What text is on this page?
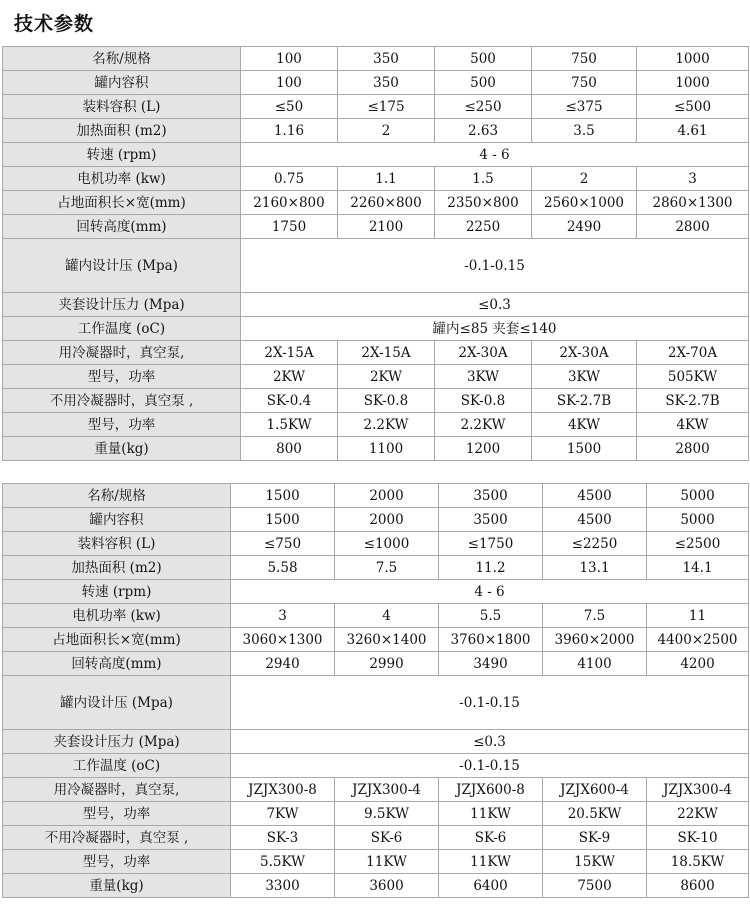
技术参数
名称/规格	100	350	500	750	1000
罐内容积	100	350	500	750	1000
装料容积 (L)	≤50	≤175	≤250	≤375	≤500
加热面积 (m2)	1.16	2	2.63	3.5	4.61
转速 (rpm)	4 - 6				
电机功率 (kw)	0.75	1.1	1.5	2	3
占地面积长×宽(mm)	2160×800	2260×800	2350×800	2560×1000	2860×1300
回转高度(mm)	1750	2100	2250	2490	2800
罐内设计压 (Mpa)	-0.1-0.15				
夹套设计压力 (Mpa)	≤0.3				
工作温度 (oC)	罐内≤85 夹套≤140				
用冷凝器时，真空泵,	2X-15A	2X-15A	2X-30A	2X-30A	2X-70A
型号，功率	2KW	2KW	3KW	3KW	505KW
不用冷凝器时，真空泵 ,	SK-0.4	SK-0.8	SK-0.8	SK-2.7B	SK-2.7B
型号，功率	1.5KW	2.2KW	2.2KW	4KW	4KW
重量(kg)	800	1100	1200	1500	2800
名称/规格	1500	2000	3500	4500	5000
罐内容积	1500	2000	3500	4500	5000
装料容积 (L)	≤750	≤1000	≤1750	≤2250	≤2500
加热面积 (m2)	5.58	7.5	11.2	13.1	14.1
转速 (rpm)	4 - 6				
电机功率 (kw)	3	4	5.5	7.5	11
占地面积长×宽(mm)	3060×1300	3260×1400	3760×1800	3960×2000	4400×2500
回转高度(mm)	2940	2990	3490	4100	4200
罐内设计压 (Mpa)	-0.1-0.15				
夹套设计压力 (Mpa)	≤0.3				
工作温度 (oC)	-0.1-0.15				
用冷凝器时，真空泵,	JZJX300-8	JZJX300-4	JZJX600-8	JZJX600-4	JZJX300-4
型号，功率	7KW	9.5KW	11KW	20.5KW	22KW
不用冷凝器时，真空泵 ,	SK-3	SK-6	SK-6	SK-9	SK-10
型号，功率	5.5KW	11KW	11KW	15KW	18.5KW
重量(kg)	3300	3600	6400	7500	8600
